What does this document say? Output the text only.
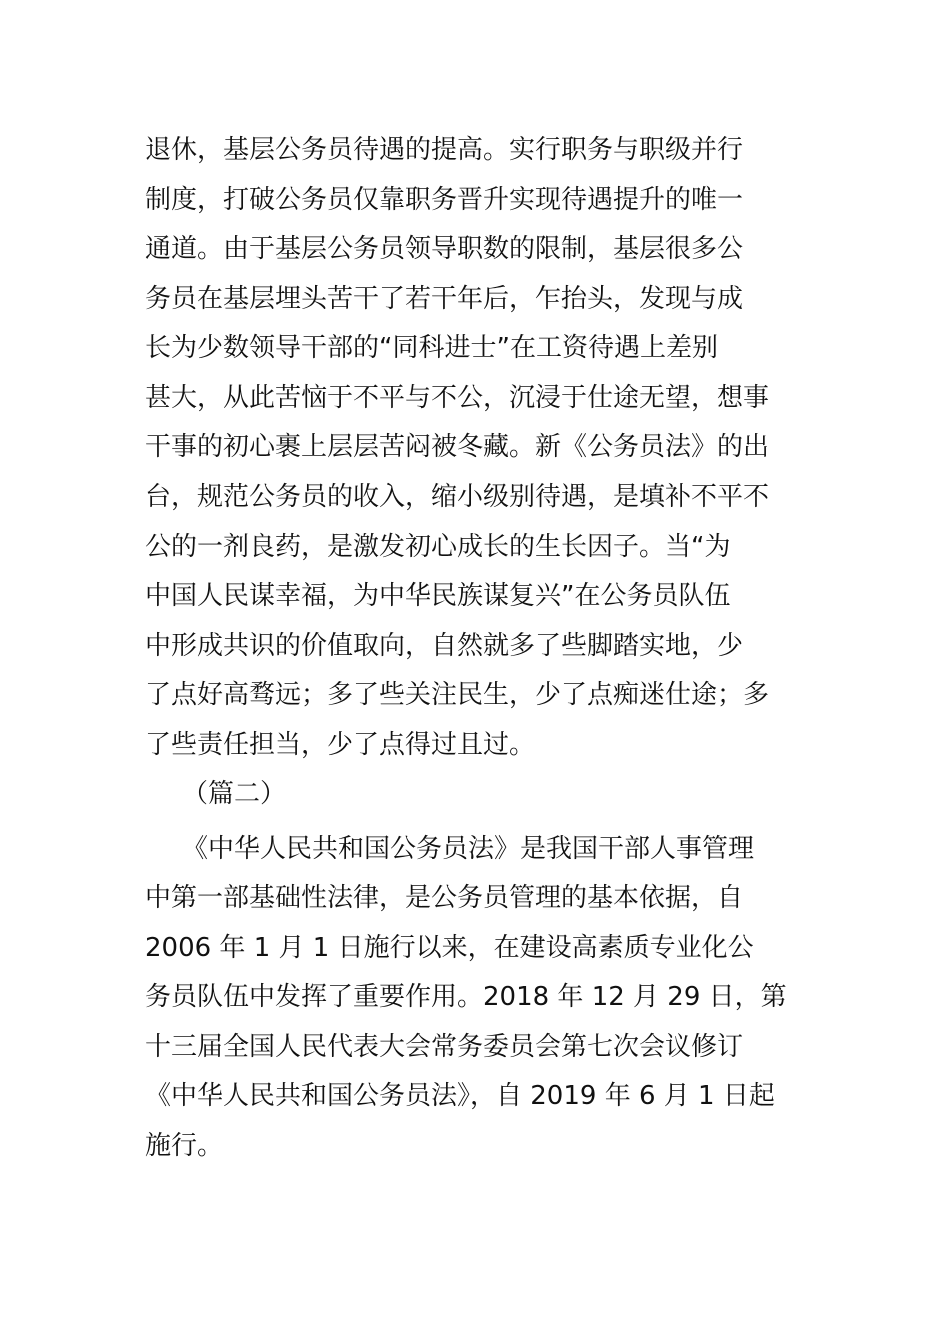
退休，基层公务员待遇的提高。实行职务与职级并行
制度，打破公务员仅靠职务晋升实现待遇提升的唯一
通道。由于基层公务员领导职数的限制，基层很多公
务员在基层埋头苦干了若干年后，乍抬头，发现与成
长为少数领导干部的“同科进士”在工资待遇上差别
甚大，从此苦恼于不平与不公，沉浸于仕途无望，想事
干事的初心裹上层层苦闷被冬藏。新《公务员法》的出
台，规范公务员的收入，缩小级别待遇，是填补不平不
公的一剂良药，是激发初心成长的生长因子。当“为
中国人民谋幸福，为中华民族谋复兴”在公务员队伍
中形成共识的价值取向，自然就多了些脚踏实地，少
了点好高骛远；多了些关注民生，少了点痴迷仕途；多
了些责任担当，少了点得过且过。
（篇二）
《中华人民共和国公务员法》是我国干部人事管理
中第一部基础性法律，是公务员管理的基本依据，自
2006 年 1 月 1 日施行以来，在建设高素质专业化公
务员队伍中发挥了重要作用。2018 年 12 月 29 日，第
十三届全国人民代表大会常务委员会第七次会议修订
《中华人民共和国公务员法》，自 2019 年 6 月 1 日起
施行。
